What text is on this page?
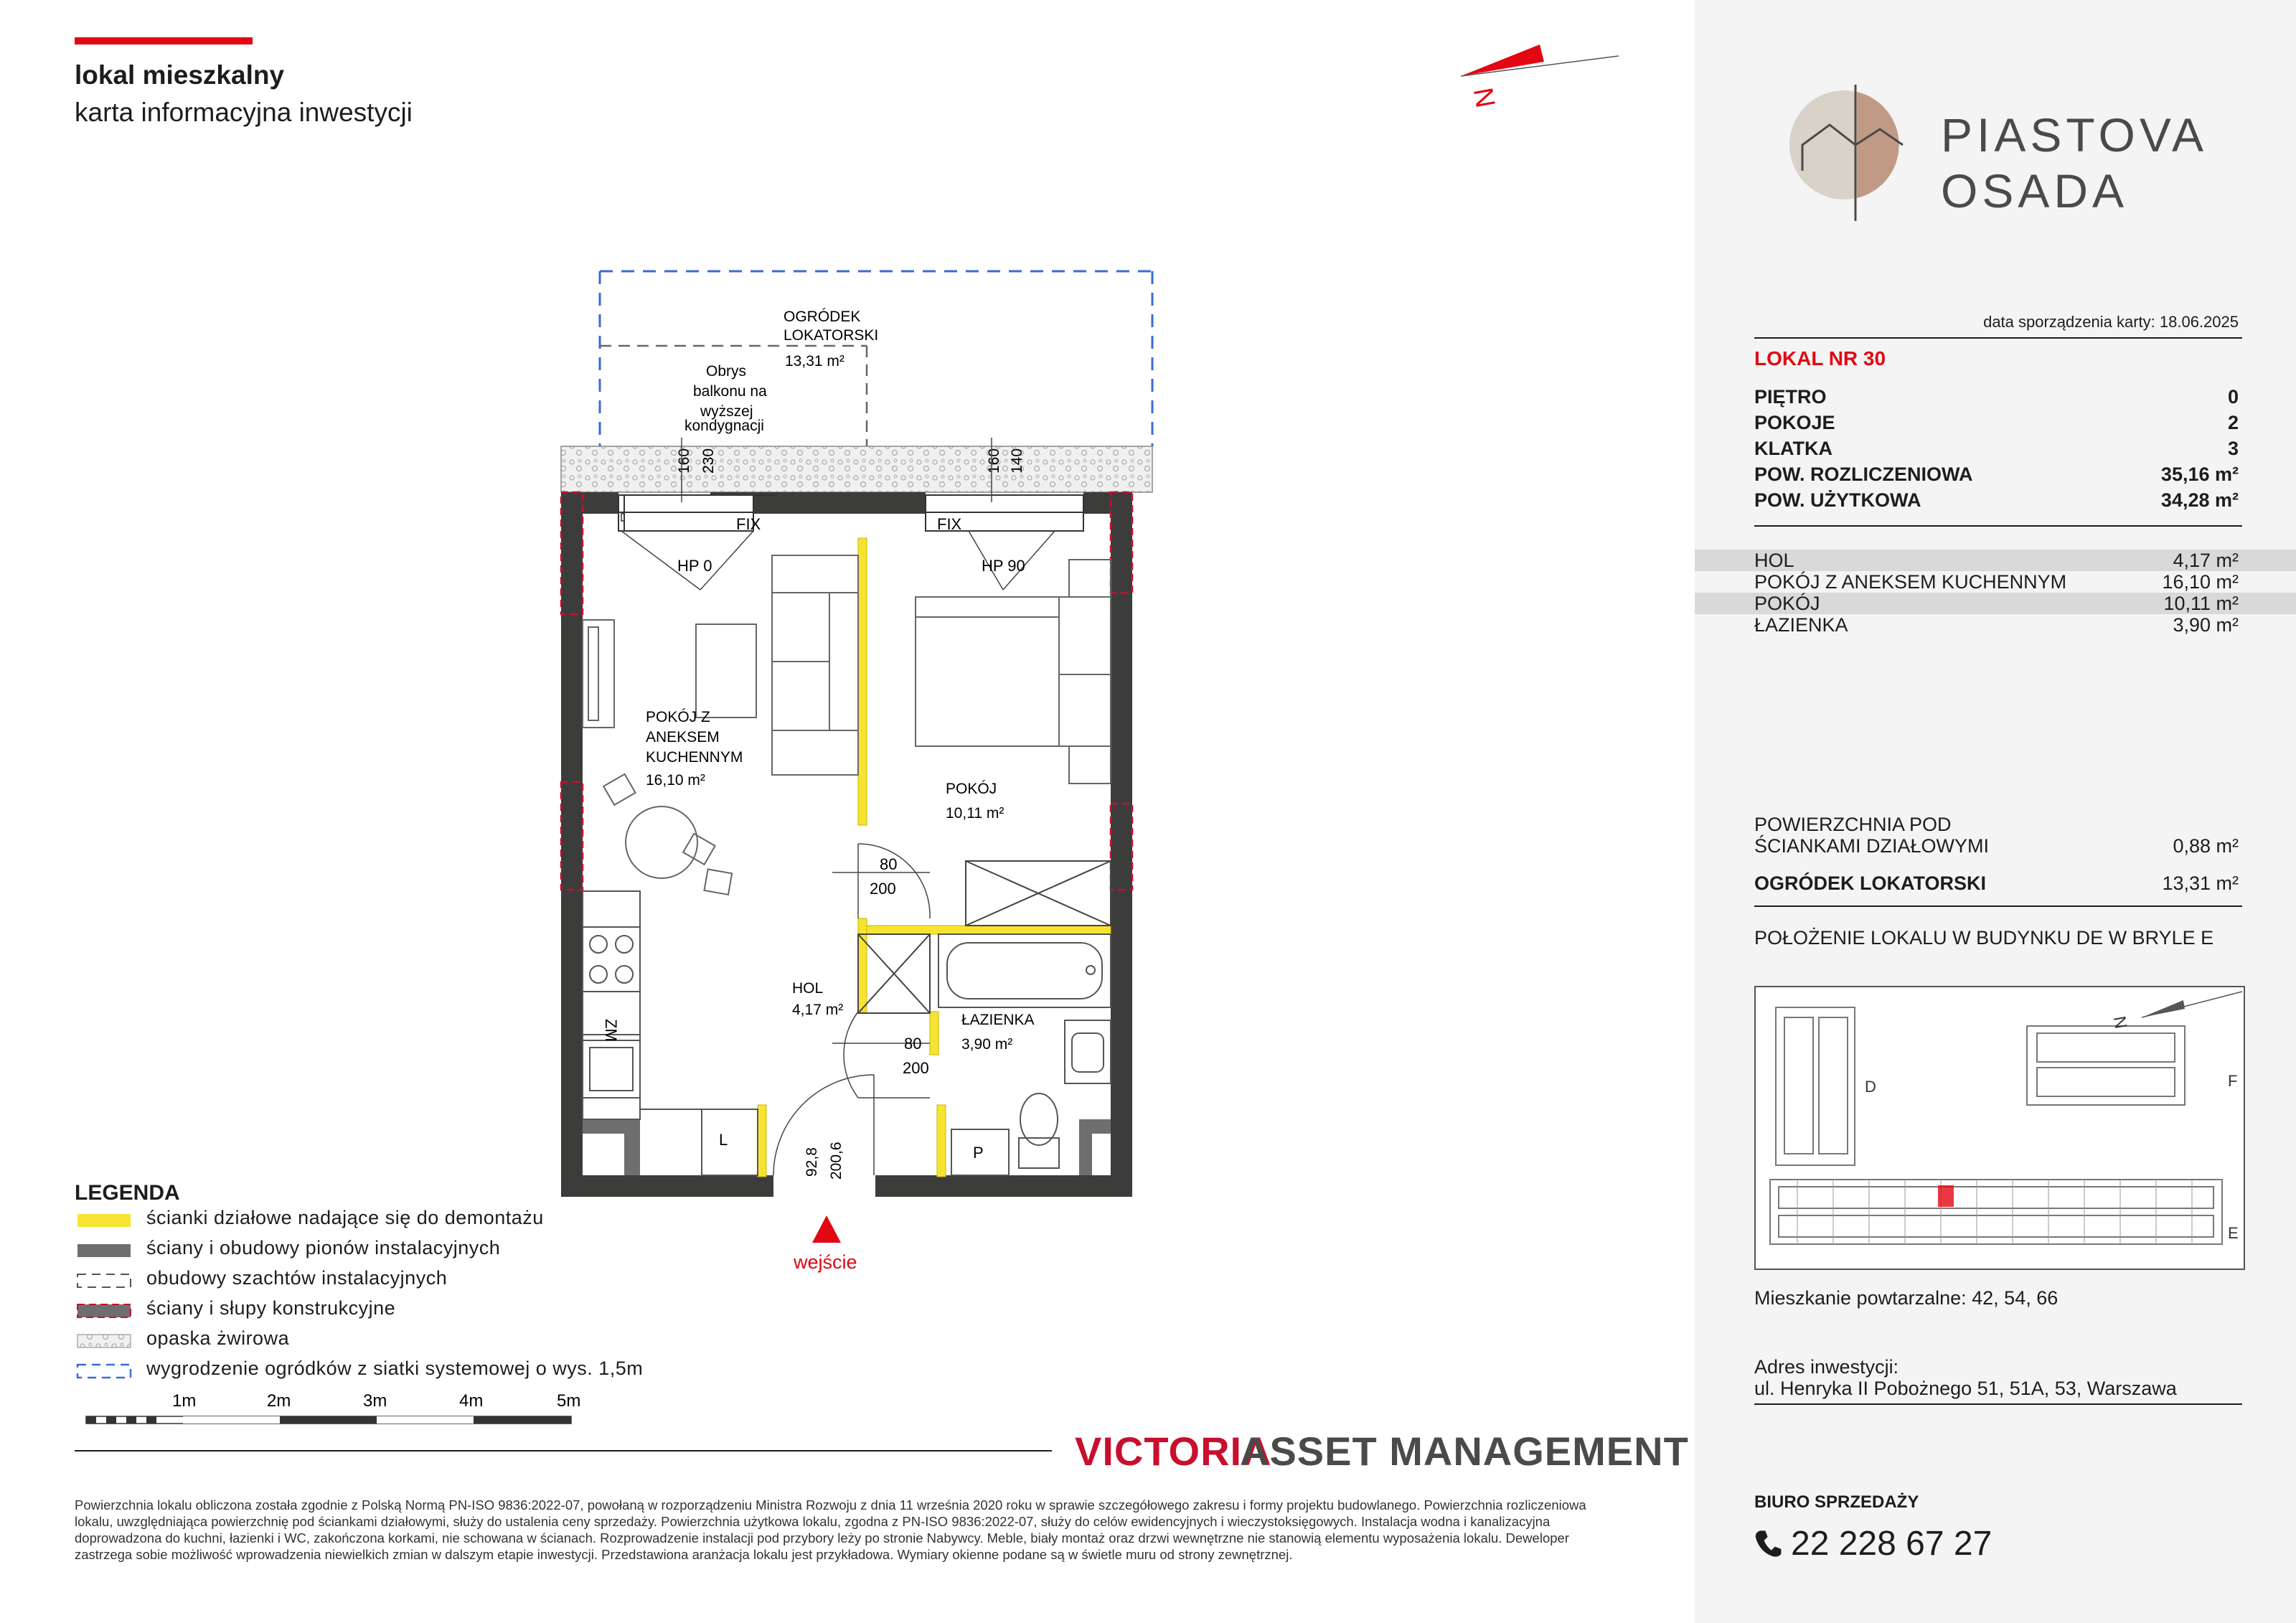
lokal mieszkalny
karta informacyjna inwestycji
N
FIX	FIX
HP 0	HP 90
160 230	160 140
ZM
L
P
80
200
80
200
92,8 200,6
OGRÓDEK
LOKATORSKI
13,31 m²
Obrys
balkonu na
wyższej
kondygnacji
POKÓJ Z
ANEKSEM
KUCHENNYM
16,10 m²
POKÓJ
10,11 m²
HOL
4,17 m²
ŁAZIENKA
3,90 m²
wejście
1m	2m	3m	4m	5m
LEGENDA
ścianki działowe nadające się do demontażu
ściany i obudowy pionów instalacyjnych
obudowy szachtów instalacyjnych
ściany i słupy konstrukcyjne
opaska żwirowa
wygrodzenie ogródków z siatki systemowej o wys. 1,5m
VICTORIA
ASSET MANAGEMENT
Powierzchnia lokalu obliczona została zgodnie z Polską Normą PN-ISO 9836:2022-07, powołaną w rozporządzeniu Ministra Rozwoju z dnia 11 września 2020 roku w sprawie szczegółowego zakresu i formy projektu budowlanego. Powierzchnia rozliczeniowa lokalu, uwzględniająca powierzchnię pod ściankami działowymi, służy do ustalenia ceny sprzedaży. Powierzchnia użytkowa lokalu, zgodna z PN-ISO 9836:2022-07, służy do celów ewidencyjnych i wieczystoksięgowych. Instalacja wodna i kanalizacyjna doprowadzona do kuchni, łazienki i WC, zakończona korkami, nie schowana w ścianach. Rozprowadzenie instalacji pod przybory leży po stronie Nabywcy. Meble, biały montaż oraz drzwi wewnętrzne nie stanowią elementu wyposażenia lokalu. Deweloper zastrzega sobie możliwość wprowadzenia niewielkich zmian w dalszym etapie inwestycji. Przedstawiona aranżacja lokalu jest przykładowa. Wymiary okienne podane są w świetle muru od strony zewnętrznej.
PIASTOVA
OSADA
data sporządzenia karty: 18.06.2025
LOKAL NR 30
PIĘTRO	0
POKOJE	2
KLATKA	3
POW. ROZLICZENIOWA	35,16 m²
POW. UŻYTKOWA	34,28 m²
HOL	4,17 m²
POKÓJ Z ANEKSEM KUCHENNYM	16,10 m²
POKÓJ	10,11 m²
ŁAZIENKA	3,90 m²
POWIERZCHNIA POD
ŚCIANKAMI DZIAŁOWYMI	0,88 m²
OGRÓDEK LOKATORSKI	13,31 m²
POŁOŻENIE LOKALU W BUDYNKU DE W BRYLE E
D
E
F
N
Mieszkanie powtarzalne: 42, 54, 66
Adres inwestycji:
ul. Henryka II Pobożnego 51, 51A, 53, Warszawa
BIURO SPRZEDAŻY
22 228 67 27
